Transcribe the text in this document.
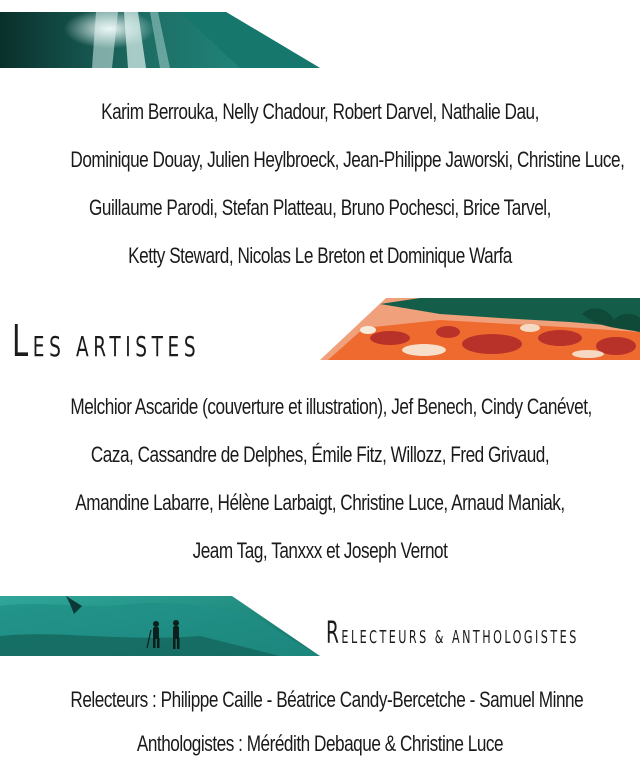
Karim Berrouka, Nelly Chadour, Robert Darvel, Nathalie Dau,
Dominique Douay, Julien Heylbroeck, Jean-Philippe Jaworski, Christine Luce,
Guillaume Parodi, Stefan Platteau, Bruno Pochesci, Brice Tarvel,
Ketty Steward, Nicolas Le Breton et Dominique Warfa
LES ARTISTES
Melchior Ascaride (couverture et illustration), Jef Benech, Cindy Canévet,
Caza, Cassandre de Delphes, Émile Fitz, Willozz, Fred Grivaud,
Amandine Labarre, Hélène Larbaigt, Christine Luce, Arnaud Maniak,
Jeam Tag, Tanxxx et Joseph Vernot
RELECTEURS & ANTHOLOGISTES
Relecteurs : Philippe Caille - Béatrice Candy-Bercetche - Samuel Minne
Anthologistes : Mérédith Debaque & Christine Luce
